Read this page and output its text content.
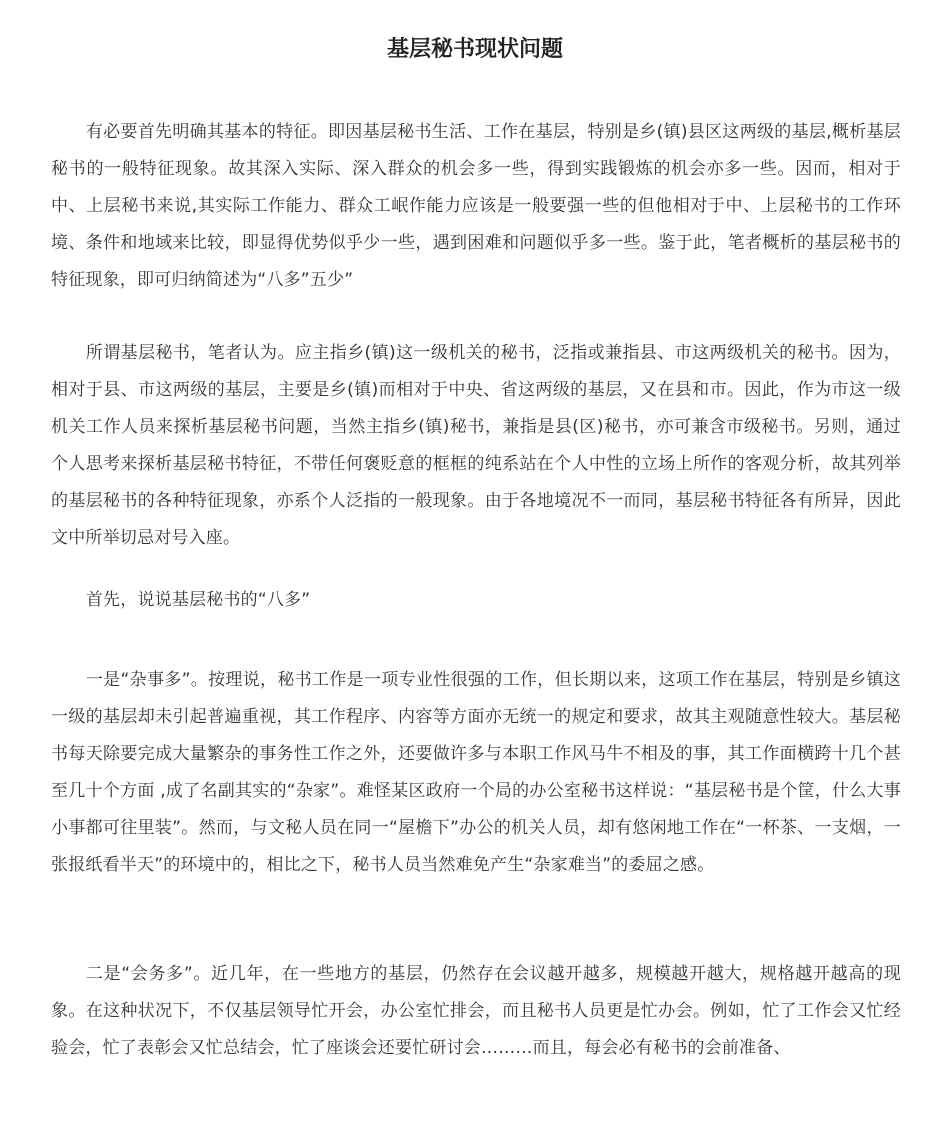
基层秘书现状问题

有必要首先明确其基本的特征。即因基层秘书生活、工作在基层，特别是乡(镇)县区这两级的基层,概析基层秘书的一般特征现象。故其深入实际、深入群众的机会多一些，得到实践锻炼的机会亦多一些。因而，相对于中、上层秘书来说,其实际工作能力、群众工岷作能力应该是一般要强一些的但他相对于中、上层秘书的工作环境、条件和地域来比较，即显得优势似乎少一些，遇到困难和问题似乎多一些。鉴于此，笔者概析的基层秘书的特征现象，即可归纳简述为“八多”五少”

所谓基层秘书，笔者认为。应主指乡(镇)这一级机关的秘书，泛指或兼指县、市这两级机关的秘书。因为，相对于县、市这两级的基层，主要是乡(镇)而相对于中央、省这两级的基层，又在县和市。因此，作为市这一级机关工作人员来探析基层秘书问题，当然主指乡(镇)秘书，兼指是县(区)秘书，亦可兼含市级秘书。另则，通过个人思考来探析基层秘书特征，不带任何褒贬意的框框的纯系站在个人中性的立场上所作的客观分析，故其列举的基层秘书的各种特征现象，亦系个人泛指的一般现象。由于各地境况不一而同，基层秘书特征各有所异，因此文中所举切忌对号入座。

首先，说说基层秘书的“八多”

一是“杂事多”。按理说，秘书工作是一项专业性很强的工作，但长期以来，这项工作在基层，特别是乡镇这一级的基层却未引起普遍重视，其工作程序、内容等方面亦无统一的规定和要求，故其主观随意性较大。基层秘书每天除要完成大量繁杂的事务性工作之外，还要做许多与本职工作风马牛不相及的事，其工作面横跨十几个甚至几十个方面 ,成了名副其实的“杂家”。难怪某区政府一个局的办公室秘书这样说：“基层秘书是个筐，什么大事小事都可往里装”。然而，与文秘人员在同一“屋檐下”办公的机关人员，却有悠闲地工作在“一杯茶、一支烟，一张报纸看半天”的环境中的，相比之下，秘书人员当然难免产生“杂家难当”的委屈之感。

二是“会务多”。近几年，在一些地方的基层，仍然存在会议越开越多，规模越开越大，规格越开越高的现象。在这种状况下，不仅基层领导忙开会，办公室忙排会，而且秘书人员更是忙办会。例如，忙了工作会又忙经验会，忙了表彰会又忙总结会，忙了座谈会还要忙研讨会………而且，每会必有秘书的会前准备、
